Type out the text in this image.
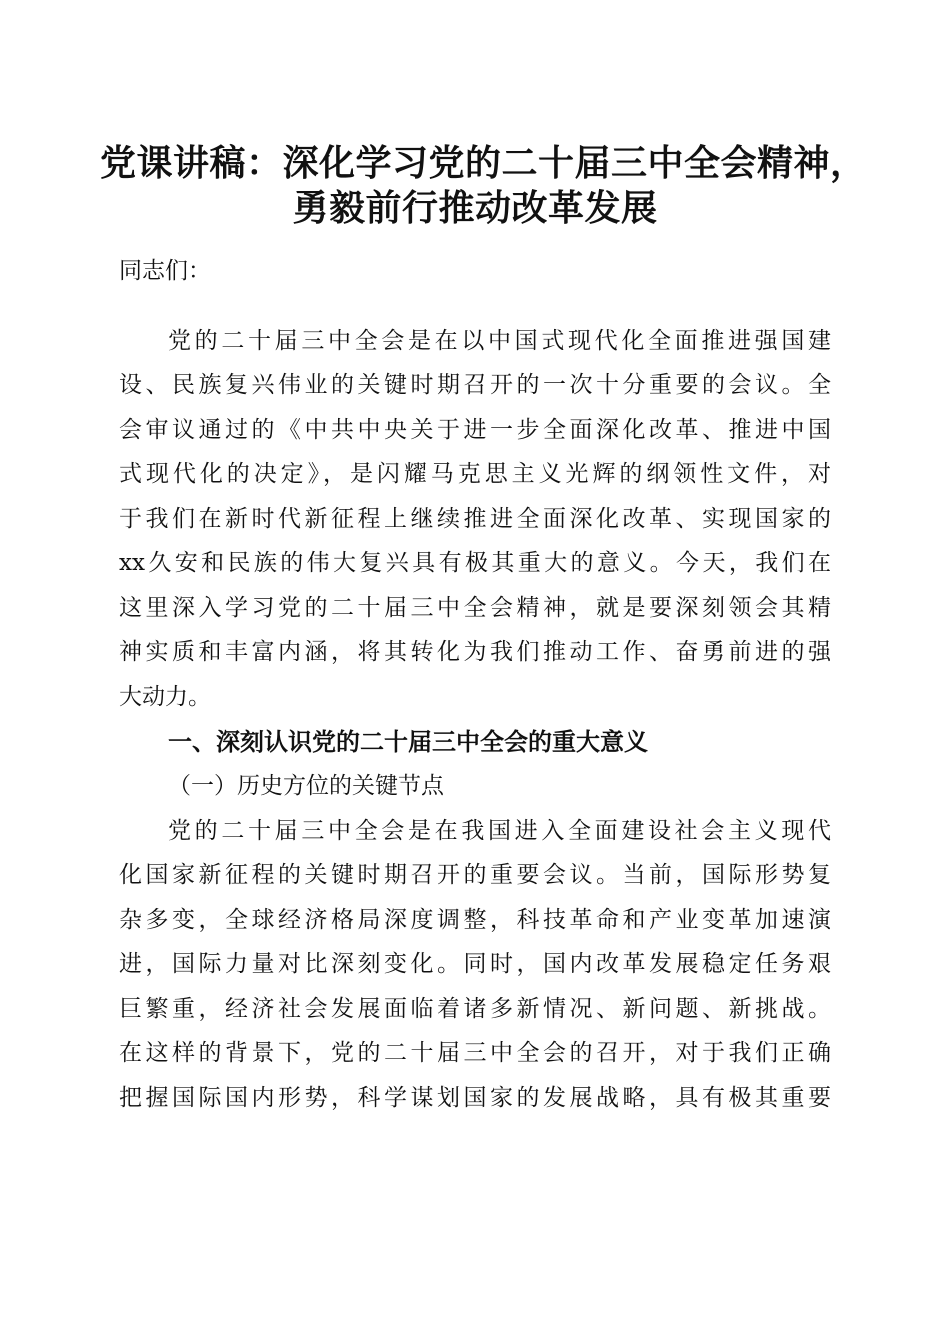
党课讲稿：深化学习党的二十届三中全会精神，
勇毅前行推动改革发展
同志们：
党的二十届三中全会是在以中国式现代化全面推进强国建
设、民族复兴伟业的关键时期召开的一次十分重要的会议。全
会审议通过的《中共中央关于进一步全面深化改革、推进中国
式现代化的决定》，是闪耀马克思主义光辉的纲领性文件，对
于我们在新时代新征程上继续推进全面深化改革、实现国家的
xx久安和民族的伟大复兴具有极其重大的意义。今天，我们在
这里深入学习党的二十届三中全会精神，就是要深刻领会其精
神实质和丰富内涵，将其转化为我们推动工作、奋勇前进的强
大动力。
一、深刻认识党的二十届三中全会的重大意义
（一）历史方位的关键节点
党的二十届三中全会是在我国进入全面建设社会主义现代
化国家新征程的关键时期召开的重要会议。当前，国际形势复
杂多变，全球经济格局深度调整，科技革命和产业变革加速演
进，国际力量对比深刻变化。同时，国内改革发展稳定任务艰
巨繁重，经济社会发展面临着诸多新情况、新问题、新挑战。
在这样的背景下，党的二十届三中全会的召开，对于我们正确
把握国际国内形势，科学谋划国家的发展战略，具有极其重要
